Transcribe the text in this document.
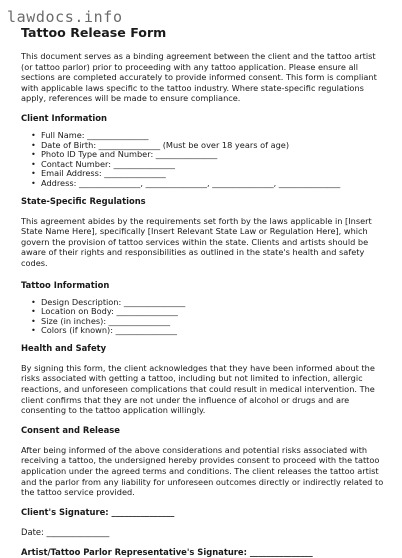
lawdocs.info
Tattoo Release Form

This document serves as a binding agreement between the client and the tattoo artist (or tattoo parlor) prior to proceeding with any tattoo application. Please ensure all sections are completed accurately to provide informed consent. This form is compliant with applicable laws specific to the tattoo industry. Where state-specific regulations apply, references will be made to ensure compliance.

Client Information
• Full Name: _______________
• Date of Birth: _______________ (Must be over 18 years of age)
• Photo ID Type and Number: _______________
• Contact Number: _______________
• Email Address: _______________
• Address: _______________, _______________, _______________, _______________
State-Specific Regulations

This agreement abides by the requirements set forth by the laws applicable in [Insert State Name Here], specifically [Insert Relevant State Law or Regulation Here], which govern the provision of tattoo services within the state. Clients and artists should be aware of their rights and responsibilities as outlined in the state's health and safety codes.

Tattoo Information
• Design Description: _______________
• Location on Body: _______________
• Size (in inches): _______________
• Colors (if known): _______________
Health and Safety

By signing this form, the client acknowledges that they have been informed about the risks associated with getting a tattoo, including but not limited to infection, allergic reactions, and unforeseen complications that could result in medical intervention. The client confirms that they are not under the influence of alcohol or drugs and are consenting to the tattoo application willingly.

Consent and Release

After being informed of the above considerations and potential risks associated with receiving a tattoo, the undersigned hereby provides consent to proceed with the tattoo application under the agreed terms and conditions. The client releases the tattoo artist and the parlor from any liability for unforeseen outcomes directly or indirectly related to the tattoo service provided.

Client's Signature: _______________
Date: _______________
Artist/Tattoo Parlor Representative's Signature: _______________
